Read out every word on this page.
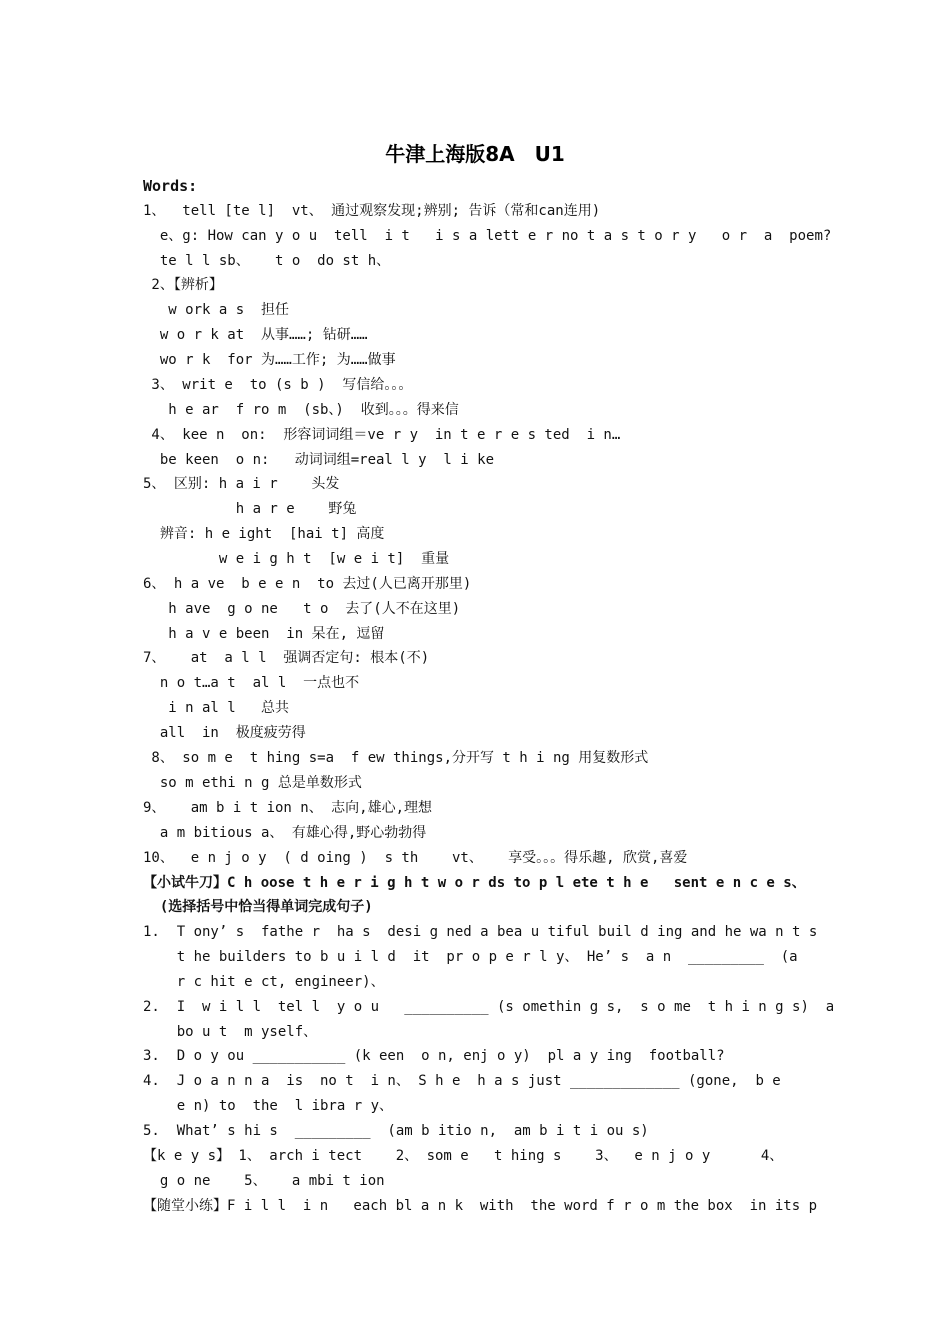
牛津上海版8A　U1
Words:
1、  tell [te l]  vt、 通过观察发现;辨别; 告诉（常和can连用)
e、g: How can y o u  tell  i t   i s a lett e r no t a s t o r y   o r  a  poem?
te l l sb、   t o  do st h、
2、【辨析】
w ork a s  担任
w o r k at  从事……; 钻研……
wo r k  for 为……工作; 为……做事
3、 writ e  to (s b )  写信给。。。
h e ar  f ro m  (sb、)  收到。。。得来信
4、 kee n  on:  形容词词组＝ve r y  in t e r e s ted  i n…
be keen  o n:   动词词组=real l y  l i ke
5、 区别: h a i r    头发
h a r e    野兔
辨音: h e ight  [hai t] 高度
w e i g h t  [w e i t]  重量
6、 h a ve  b e e n  to 去过(人已离开那里)
h ave  g o ne   t o  去了(人不在这里)
h a v e been  in 呆在, 逗留
7、   at  a l l  强调否定句: 根本(不)
n o t…a t  al l  一点也不
i n al l   总共
all  in  极度疲劳得
8、 so m e  t hing s=a  f ew things,分开写 t h i ng 用复数形式
so m ethi n g 总是单数形式
9、   am b i t ion n、 志向,雄心,理想
a m bitious a、 有雄心得,野心勃勃得
10、  e n j o y  ( d oing )  s th    vt、   享受。。。得乐趣, 欣赏,喜爱
【小试牛刀】C h oose t h e r i g h t w o r ds to p l ete t h e   sent e n c e s、
(选择括号中恰当得单词完成句子)
1.  T ony’ s  fathe r  ha s  desi g ned a bea u tiful buil d ing and he wa n t s
t he builders to b u i l d  it  pr o p e r l y、 He’ s  a n  _________  (a
r c hit e ct, engineer)、
2.  I  w i l l  tel l  y o u   __________ (s omethin g s,  s o me  t h i n g s)  a
bo u t  m yself、
3.  D o y ou ___________ (k een  o n, enj o y)  pl a y ing  football?
4.  J o a n n a  is  no t  i n、 S h e  h a s just _____________ (gone,  b e
e n) to  the  l ibra r y、
5.  What’ s hi s  _________  (am b itio n,  am b i t i ou s)
【k e y s】 1、 arch i tect    2、 som e   t hing s    3、  e n j o y      4、
g o ne    5、   a mbi t ion
【随堂小练】F i l l  i n   each bl a n k  with  the word f r o m the box  in its p
